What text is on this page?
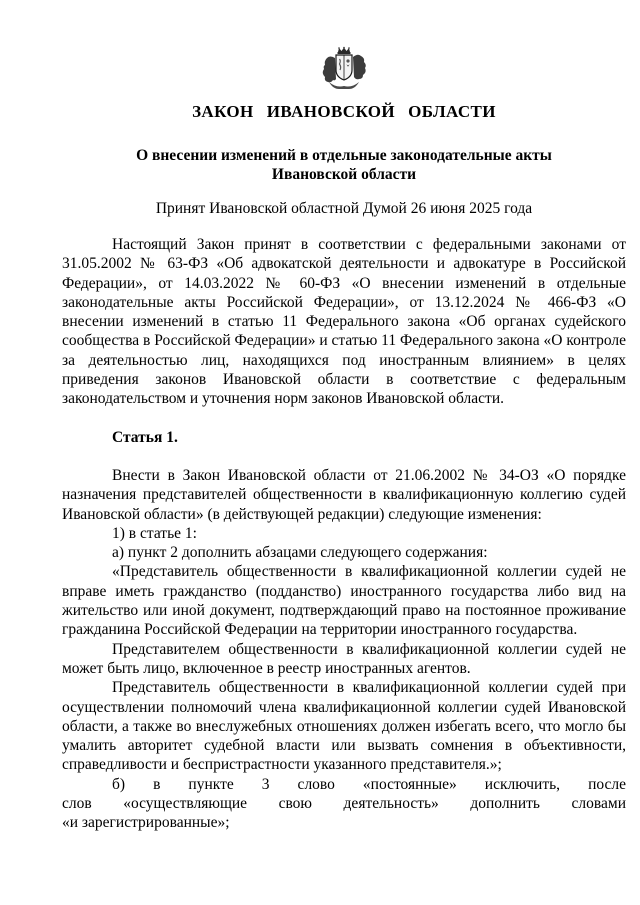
ЗАКОН ИВАНОВСКОЙ ОБЛАСТИ
О внесении изменений в отдельные законодательные акты
Ивановской области
Принят Ивановской областной Думой 26 июня 2025 года

Настоящий Закон принят в соответствии с федеральными законами от 31.05.2002 № 63-ФЗ «Об адвокатской деятельности и адвокатуре в Российской Федерации», от 14.03.2022 № 60-ФЗ «О внесении изменений в отдельные законодательные акты Российской Федерации», от 13.12.2024 № 466-ФЗ «О внесении изменений в статью 11 Федерального закона «Об органах судейского сообщества в Российской Федерации» и статью 11 Федерального закона «О контроле за деятельностью лиц, находящихся под иностранным влиянием» в целях приведения законов Ивановской области в соответствие с федеральным законодательством и уточнения норм законов Ивановской области.

Статья 1.

Внести в Закон Ивановской области от 21.06.2002 № 34-ОЗ «О порядке назначения представителей общественности в квалификационную коллегию судей Ивановской области» (в действующей редакции) следующие изменения:

1) в статье 1:

а) пункт 2 дополнить абзацами следующего содержания:

«Представитель общественности в квалификационной коллегии судей не вправе иметь гражданство (подданство) иностранного государства либо вид на жительство или иной документ, подтверждающий право на постоянное проживание гражданина Российской Федерации на территории иностранного государства.

Представителем общественности в квалификационной коллегии судей не может быть лицо, включенное в реестр иностранных агентов.

Представитель общественности в квалификационной коллегии судей при осуществлении полномочий члена квалификационной коллегии судей Ивановской области, а также во внеслужебных отношениях должен избегать всего, что могло бы умалить авторитет судебной власти или вызвать сомнения в объективности, справедливости и беспристрастности указанного представителя.»;

б) в пункте 3 слово «постоянные» исключить, после
слов «осуществляющие свою деятельность» дополнить словами
«и зарегистрированные»;
